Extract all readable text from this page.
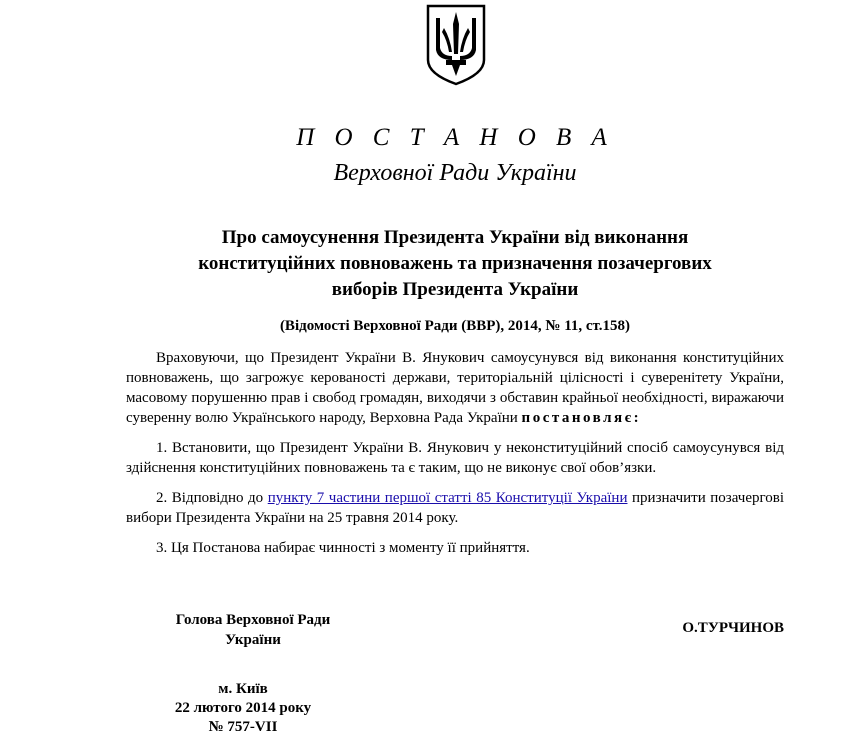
П О С Т А Н О В А
Верховної Ради України
Про самоусунення Президента України від виконання
конституційних повноважень та призначення позачергових
виборів Президента України
(Відомості Верховної Ради (ВВР), 2014, № 11, ст.158)

Враховуючи, що Президент України В. Янукович самоусунувся від виконання конституційних повноважень, що загрожує керованості держави, територіальній цілісності і суверенітету України, масовому порушенню прав і свобод громадян, виходячи з обставин крайньої необхідності, виражаючи суверенну волю Українського народу, Верховна Рада України постановляє:

1. Встановити, що Президент України В. Янукович у неконституційний спосіб самоусунувся від здійснення конституційних повноважень та є таким, що не виконує свої обов’язки.

2. Відповідно до пункту 7 частини першої статті 85 Конституції України призначити позачергові вибори Президента України на 25 травня 2014 року.

3. Ця Постанова набирає чинності з моменту її прийняття.

Голова Верховної Ради
України
О.ТУРЧИНОВ
м. Київ
22 лютого 2014 року
№ 757-VII
